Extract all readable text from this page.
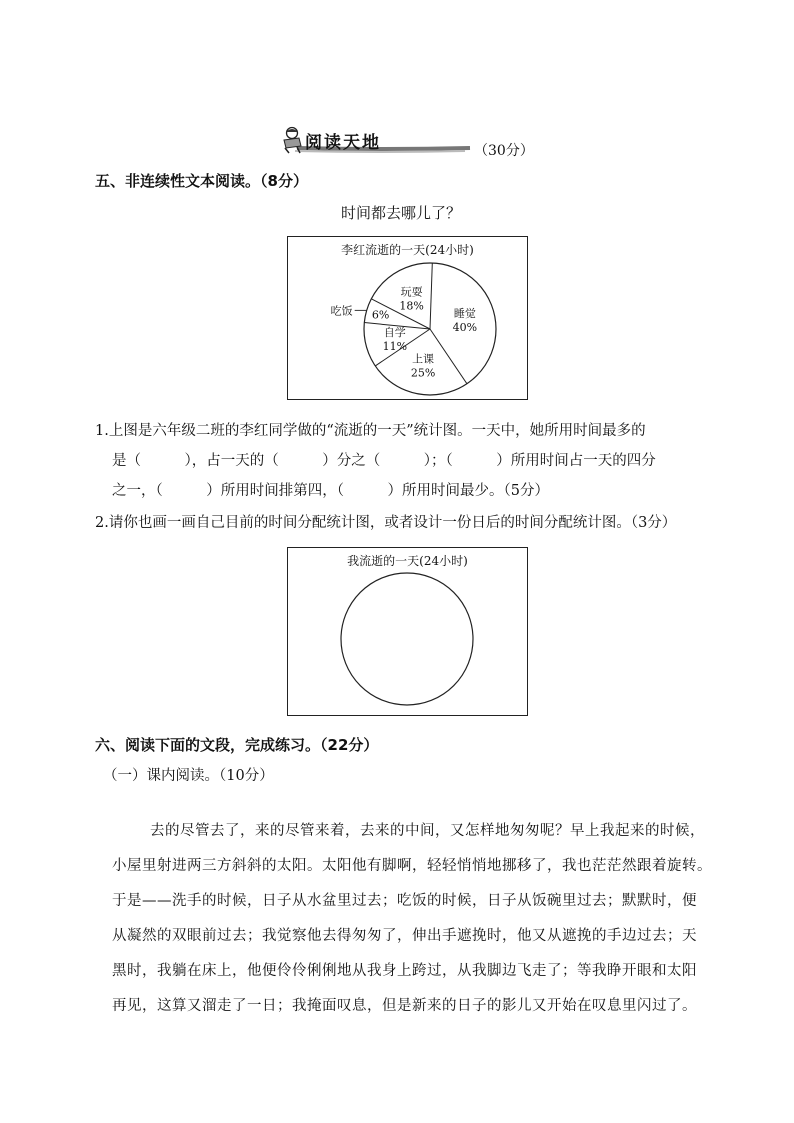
阅读天地	（30分）
五、非连续性文本阅读。（8分）
时间都去哪儿了？
李红流逝的一天(24小时)
睡觉
40%
上课
25%
自学
11%
6%
吃饭
玩耍
18%
1.上图是六年级二班的李红同学做的“流逝的一天”统计图。一天中，她所用时间最多的
是（　　　），占一天的（　　　）分之（　　　）；（　　　）所用时间占一天的四分
之一，（　　　）所用时间排第四，（　　　）所用时间最少。（5分）
2.请你也画一画自己目前的时间分配统计图，或者设计一份日后的时间分配统计图。（3分）
我流逝的一天(24小时)
六、阅读下面的文段，完成练习。（22分）
（一）课内阅读。（10分）
去的尽管去了，来的尽管来着，去来的中间，又怎样地匆匆呢？早上我起来的时候，
小屋里射进两三方斜斜的太阳。太阳他有脚啊，轻轻悄悄地挪移了，我也茫茫然跟着旋转。
于是——洗手的时候，日子从水盆里过去；吃饭的时候，日子从饭碗里过去；默默时，便
从凝然的双眼前过去；我觉察他去得匆匆了，伸出手遮挽时，他又从遮挽的手边过去；天
黑时，我躺在床上，他便伶伶俐俐地从我身上跨过，从我脚边飞走了；等我睁开眼和太阳
再见，这算又溜走了一日；我掩面叹息，但是新来的日子的影儿又开始在叹息里闪过了。
